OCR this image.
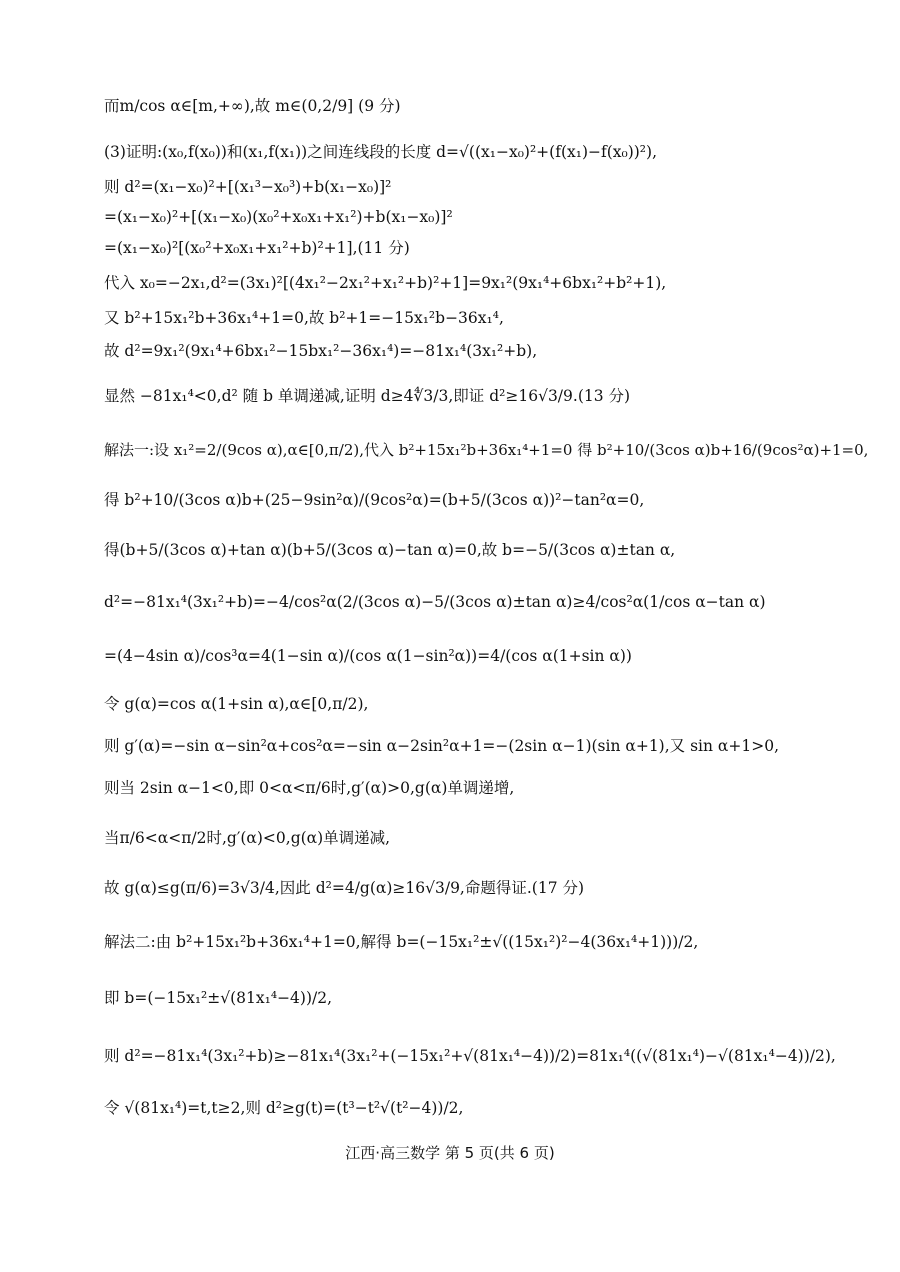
而m/cos α∈[m,+∞),故 m∈(0,2/9] (9 分)
(3)证明:(x₀,f(x₀))和(x₁,f(x₁))之间连线段的长度 d=√((x₁−x₀)²+(f(x₁)−f(x₀))²),
则 d²=(x₁−x₀)²+[(x₁³−x₀³)+b(x₁−x₀)]²
=(x₁−x₀)²+[(x₁−x₀)(x₀²+x₀x₁+x₁²)+b(x₁−x₀)]²
=(x₁−x₀)²[(x₀²+x₀x₁+x₁²+b)²+1],(11 分)
代入 x₀=−2x₁,d²=(3x₁)²[(4x₁²−2x₁²+x₁²+b)²+1]=9x₁²(9x₁⁴+6bx₁²+b²+1),
又 b²+15x₁²b+36x₁⁴+1=0,故 b²+1=−15x₁²b−36x₁⁴,
故 d²=9x₁²(9x₁⁴+6bx₁²−15bx₁²−36x₁⁴)=−81x₁⁴(3x₁²+b),
显然 −81x₁⁴<0,d² 随 b 单调递减,证明 d≥4∜3/3,即证 d²≥16√3/9.(13 分)
解法一:设 x₁²=2/(9cos α),α∈[0,π/2),代入 b²+15x₁²b+36x₁⁴+1=0 得 b²+10/(3cos α)b+16/(9cos²α)+1=0,
得 b²+10/(3cos α)b+(25−9sin²α)/(9cos²α)=(b+5/(3cos α))²−tan²α=0,
得(b+5/(3cos α)+tan α)(b+5/(3cos α)−tan α)=0,故 b=−5/(3cos α)±tan α,
d²=−81x₁⁴(3x₁²+b)=−4/cos²α(2/(3cos α)−5/(3cos α)±tan α)≥4/cos²α(1/cos α−tan α)
=(4−4sin α)/cos³α=4(1−sin α)/(cos α(1−sin²α))=4/(cos α(1+sin α))
令 g(α)=cos α(1+sin α),α∈[0,π/2),
则 g′(α)=−sin α−sin²α+cos²α=−sin α−2sin²α+1=−(2sin α−1)(sin α+1),又 sin α+1>0,
则当 2sin α−1<0,即 0<α<π/6时,g′(α)>0,g(α)单调递增,
当π/6<α<π/2时,g′(α)<0,g(α)单调递减,
故 g(α)≤g(π/6)=3√3/4,因此 d²=4/g(α)≥16√3/9,命题得证.(17 分)
解法二:由 b²+15x₁²b+36x₁⁴+1=0,解得 b=(−15x₁²±√((15x₁²)²−4(36x₁⁴+1)))/2,
即 b=(−15x₁²±√(81x₁⁴−4))/2,
则 d²=−81x₁⁴(3x₁²+b)≥−81x₁⁴(3x₁²+(−15x₁²+√(81x₁⁴−4))/2)=81x₁⁴((√(81x₁⁴)−√(81x₁⁴−4))/2),
令 √(81x₁⁴)=t,t≥2,则 d²≥g(t)=(t³−t²√(t²−4))/2,
江西·高三数学 第 5 页(共 6 页)
